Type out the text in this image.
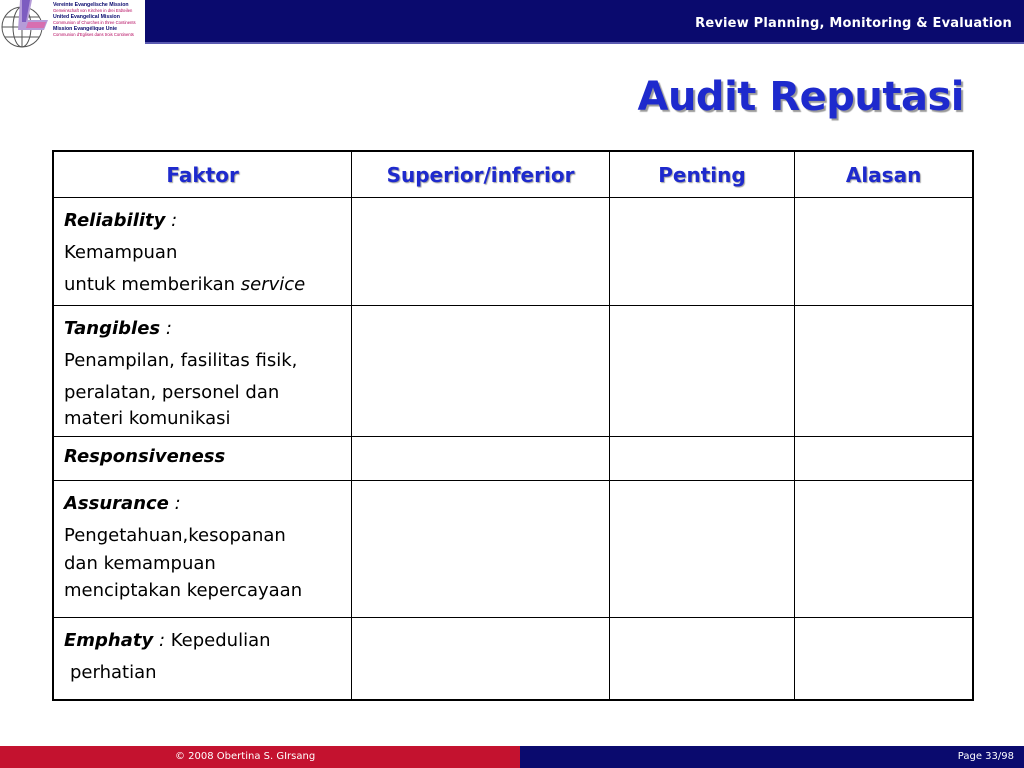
Review Planning, Monitoring & Evaluation
Vereinte Evangelische Mission
Gemeinschaft von Kirchen in drei Erdteilen
United Evangelical Mission
Communion of Churches in three Continents
Mission Évangélique Unie
Communion d'Eglises dans trois Continents
Audit Reputasi
Faktor	Superior/inferior	Penting	Alasan

Reliability :
Kemampuan
untuk memberikan service			

Tangibles :
Penampilan, fasilitas fisik,
peralatan, personel dan
materi komunikasi			

Responsiveness			

Assurance :
Pengetahuan,kesopanan
dan kemampuan
menciptakan kepercayaan			

Emphaty : Kepedulian
perhatian			

© 2008 Obertina S. GIrsang	Page 33/98
